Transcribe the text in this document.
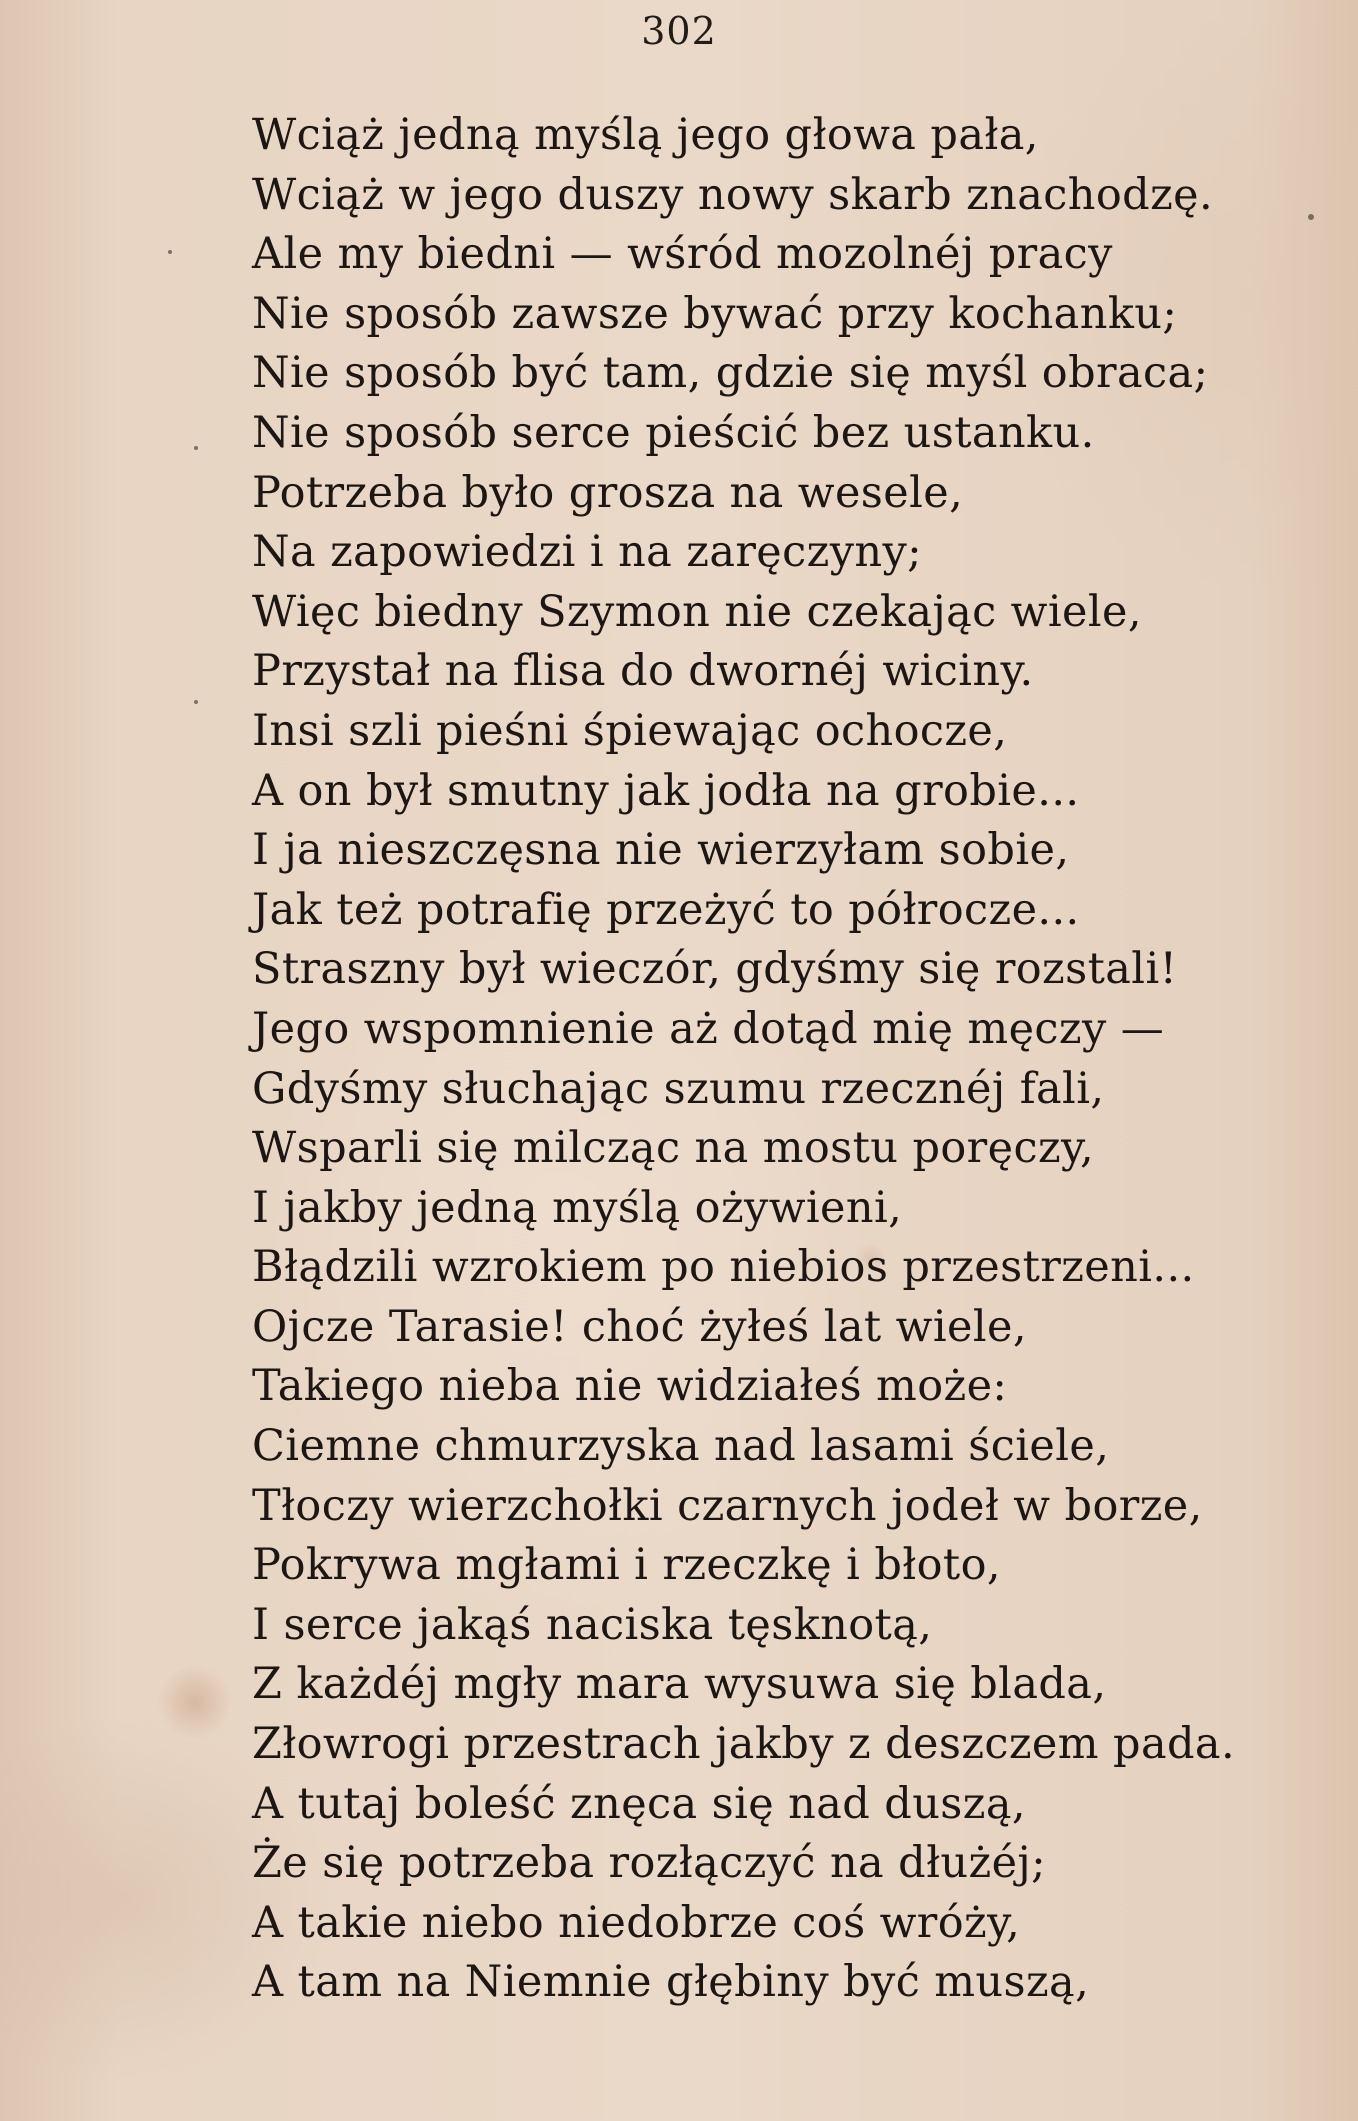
302
Wciąż jedną myślą jego głowa pała,
Wciąż w jego duszy nowy skarb znachodzę.
Ale my biedni — wśród mozolnéj pracy
Nie sposób zawsze bywać przy kochanku;
Nie sposób być tam, gdzie się myśl obraca;
Nie sposób serce pieścić bez ustanku.
Potrzeba było grosza na wesele,
Na zapowiedzi i na zaręczyny;
Więc biedny Szymon nie czekając wiele,
Przystał na flisa do dwornéj wiciny.
Insi szli pieśni śpiewając ochocze,
A on był smutny jak jodła na grobie...
I ja nieszczęsna nie wierzyłam sobie,
Jak też potrafię przeżyć to półrocze...
Straszny był wieczór, gdyśmy się rozstali!
Jego wspomnienie aż dotąd mię męczy —
Gdyśmy słuchając szumu rzecznéj fali,
Wsparli się milcząc na mostu poręczy,
I jakby jedną myślą ożywieni,
Błądzili wzrokiem po niebios przestrzeni...
Ojcze Tarasie! choć żyłeś lat wiele,
Takiego nieba nie widziałeś może:
Ciemne chmurzyska nad lasami ściele,
Tłoczy wierzchołki czarnych jodeł w borze,
Pokrywa mgłami i rzeczkę i błoto,
I serce jakąś naciska tęsknotą,
Z każdéj mgły mara wysuwa się blada,
Złowrogi przestrach jakby z deszczem pada.
A tutaj boleść znęca się nad duszą,
Że się potrzeba rozłączyć na dłużéj;
A takie niebo niedobrze coś wróży,
A tam na Niemnie głębiny być muszą,
